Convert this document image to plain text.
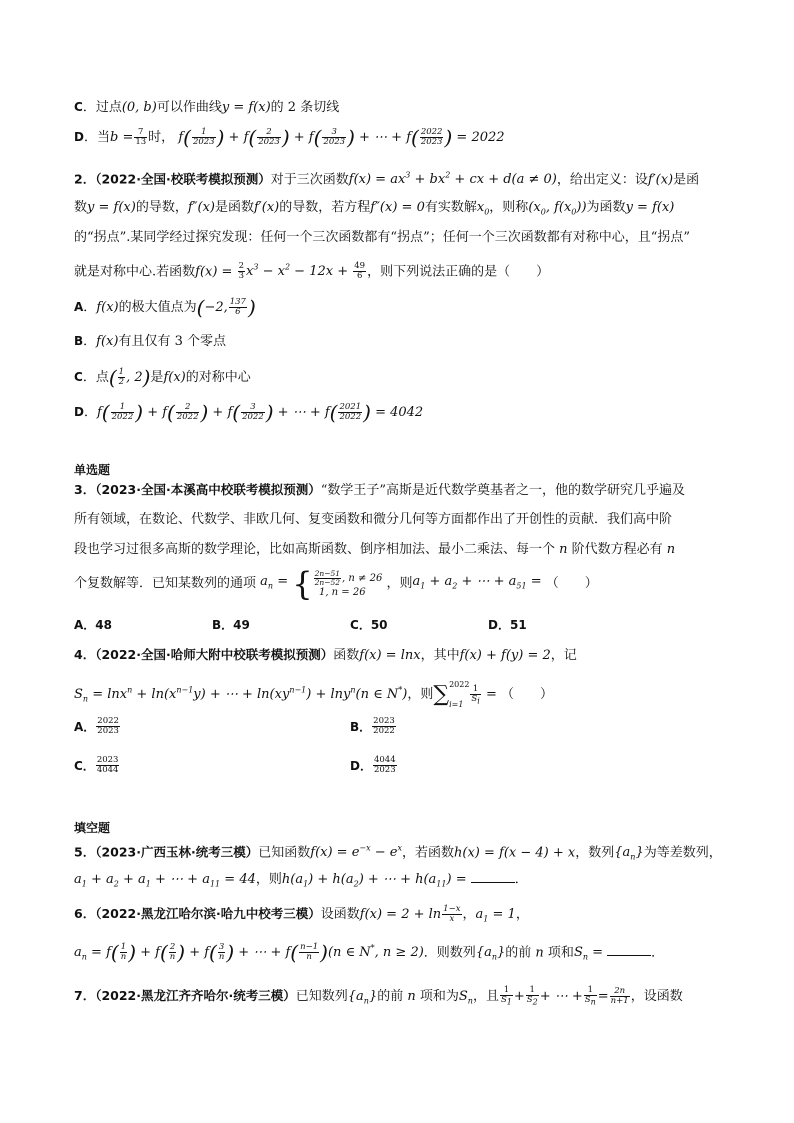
C．过点(0, b)可以作曲线y = f(x)的 2 条切线
D．当$b = \frac{7}{13}$ 时， $f( \frac{1}{2023}$ ) + $f( \frac{2}{2023}$ ) + $f( \frac{3}{2023}$ ) + ⋯ + $f( \frac{2022}{2023}$ ) = 2022
2．（2022·全国·校联考模拟预测）对于三次函数$f(x) = ax^3 + bx^2$ + cx + d(a ≠ 0)，给出定义：设f′(x)是函
数y = f(x)的导数，f″(x)是函数f′(x)的导数，若方程f″(x) = 0有实数解$x_0$，则称($x_0$, $f(x_0)$)为函数y = f(x)
的“拐点”.某同学经过探究发现：任何一个三次函数都有“拐点”；任何一个三次函数都有对称中心，且“拐点”
就是对称中心.若函数$f(x) = \frac{2}{3} x^3 - x^2 - 12x + \frac{49}{6}$ ，则下列说法正确的是（　　）
A．f(x)的极大值点为(−2, $\frac{137}{6}$ )
B．f(x)有且仅有 3 个零点
C．点( $\frac{1}{2}$ , 2)是f(x)的对称中心
D．$f( \frac{1}{2022}$ ) + $f( \frac{2}{2022}$ ) + $f( \frac{3}{2022}$ ) + ⋯ + $f( \frac{2021}{2022}$ ) = 4042
单选题
3．（2023·全国·本溪高中校联考模拟预测）“数学王子”高斯是近代数学奠基者之一，他的数学研究几乎遍及
所有领域，在数论、代数学、非欧几何、复变函数和微分几何等方面都作出了开创性的贡献．我们高中阶
段也学习过很多高斯的数学理论，比如高斯函数、倒序相加法、最小二乘法、每一个 n 阶代数方程必有 n
个复数解等．已知某数列的通项 $a_n$ = { $\frac{2n-51}{2n-52}$ , n ≠ 26
1, n = 26
，则$a_1 + a_2$ + ⋯ + $a_{51}$ = （　　）
A．48	B．49	C．50	D．51
4．（2022·全国·哈师大附中校联考模拟预测）函数f(x) = lnx，其中f(x) + f(y) = 2，记
$S_n = \ln x^n + \ln(x^{n-1}y)$ + ⋯ + $\ln(xy^{n-1}) + \ln y^n(n$ ∈ N*)，则∑ 2022

$i=1 \frac{1}{S_i}$ = （　　）
A． $\frac{2022}{2023}$	B． $\frac{2023}{2022}$
C． $\frac{2023}{4044}$	D． $\frac{4044}{2023}$
填空题
5．（2023·广西玉林·统考三模）已知函数$f(x) = e^{-x} - e^x$，若函数h(x) = f(x − 4) + x，数列$\{a_n\}$为等差数列，
$a_1 + a_2 + a_1$ + ⋯ + $a_{11} = 44$，则$h(a_1) + h(a_2)$ + ⋯ + $h(a_{11})$ =	．
6．（2022·黑龙江哈尔滨·哈九中校考三模）设函数$f(x) = 2 + \ln \frac{1-x}{x}$ ，$a_1 = 1$，
$a_n = f( \frac{1}{n}$ ) + $f( \frac{2}{n}$ ) + $f( \frac{3}{n}$ ) + ⋯ + $f( \frac{n-1}{n} )(n$ ∈ N*, n ≥ 2)．则数列$\{a_n\}$的前 n 项和$S_n$ =	．
7．（2022·黑龙江齐齐哈尔·统考三模）已知数列$\{a_n\}$的前 n 项和为$S_n$，且 $\frac{1}{S_1} + \frac{1}{S_2}$ + ⋯ + $\frac{1}{S_n} = \frac{2n}{n+1}$ ，设函数
